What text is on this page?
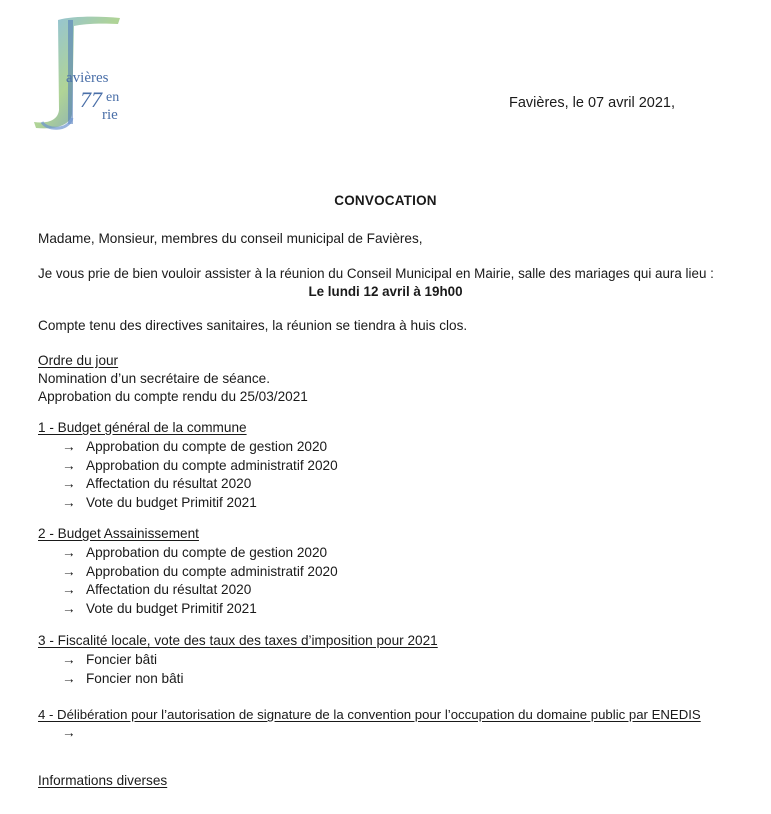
avières
77 en
rie
Favières, le 07 avril 2021,
CONVOCATION
Madame, Monsieur, membres du conseil municipal de Favières,
Je vous prie de bien vouloir assister à la réunion du Conseil Municipal en Mairie, salle des mariages qui aura lieu :
Le lundi 12 avril à 19h00
Compte tenu des directives sanitaires, la réunion se tiendra à huis clos.
Ordre du jour
Nomination d’un secrétaire de séance.
Approbation du compte rendu du 25/03/2021
1 - Budget général de la commune
→ Approbation du compte de gestion 2020
→ Approbation du compte administratif 2020
→ Affectation du résultat 2020
→ Vote du budget Primitif 2021
2 - Budget Assainissement
→ Approbation du compte de gestion 2020
→ Approbation du compte administratif 2020
→ Affectation du résultat 2020
→ Vote du budget Primitif 2021
3 - Fiscalité locale, vote des taux des taxes d’imposition pour 2021
→ Foncier bâti
→ Foncier non bâti
4 - Délibération pour l’autorisation de signature de la convention pour l’occupation du domaine public par ENEDIS
→
Informations diverses
